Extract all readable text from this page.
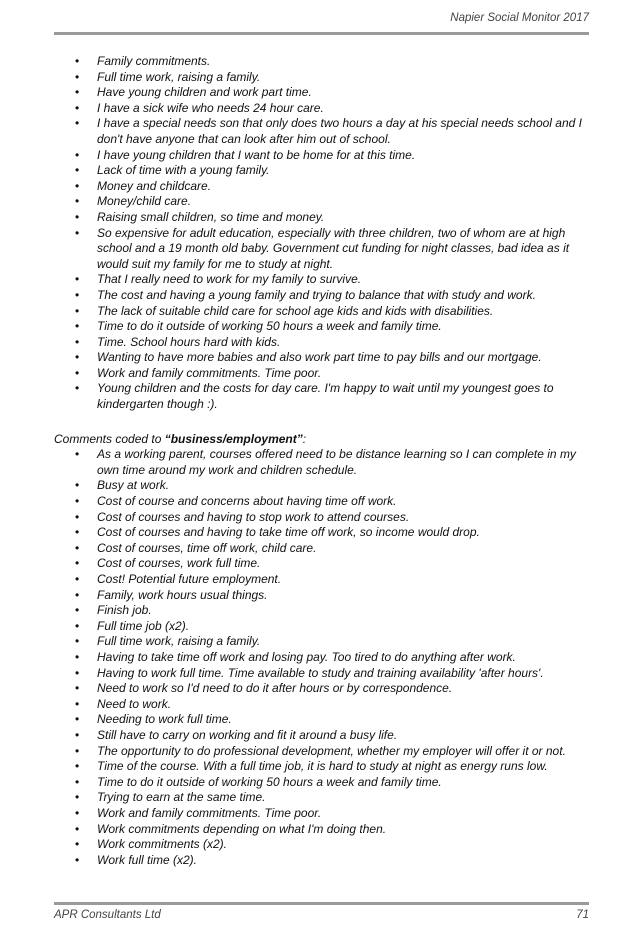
Napier Social Monitor 2017
• Family commitments.
• Full time work, raising a family.
• Have young children and work part time.
• I have a sick wife who needs 24 hour care.
• I have a special needs son that only does two hours a day at his special needs school and I don't have anyone that can look after him out of school.
• I have young children that I want to be home for at this time.
• Lack of time with a young family.
• Money and childcare.
• Money/child care.
• Raising small children, so time and money.
• So expensive for adult education, especially with three children, two of whom are at high school and a 19 month old baby. Government cut funding for night classes, bad idea as it would suit my family for me to study at night.
• That I really need to work for my family to survive.
• The cost and having a young family and trying to balance that with study and work.
• The lack of suitable child care for school age kids and kids with disabilities.
• Time to do it outside of working 50 hours a week and family time.
• Time. School hours hard with kids.
• Wanting to have more babies and also work part time to pay bills and our mortgage.
• Work and family commitments. Time poor.
• Young children and the costs for day care. I'm happy to wait until my youngest goes to kindergarten though :).

Comments coded to “business/employment”:

• As a working parent, courses offered need to be distance learning so I can complete in my own time around my work and children schedule.
• Busy at work.
• Cost of course and concerns about having time off work.
• Cost of courses and having to stop work to attend courses.
• Cost of courses and having to take time off work, so income would drop.
• Cost of courses, time off work, child care.
• Cost of courses, work full time.
• Cost! Potential future employment.
• Family, work hours usual things.
• Finish job.
• Full time job (x2).
• Full time work, raising a family.
• Having to take time off work and losing pay. Too tired to do anything after work.
• Having to work full time. Time available to study and training availability 'after hours'.
• Need to work so I'd need to do it after hours or by correspondence.
• Need to work.
• Needing to work full time.
• Still have to carry on working and fit it around a busy life.
• The opportunity to do professional development, whether my employer will offer it or not.
• Time of the course. With a full time job, it is hard to study at night as energy runs low.
• Time to do it outside of working 50 hours a week and family time.
• Trying to earn at the same time.
• Work and family commitments. Time poor.
• Work commitments depending on what I'm doing then.
• Work commitments (x2).
• Work full time (x2).
APR Consultants Ltd	71
